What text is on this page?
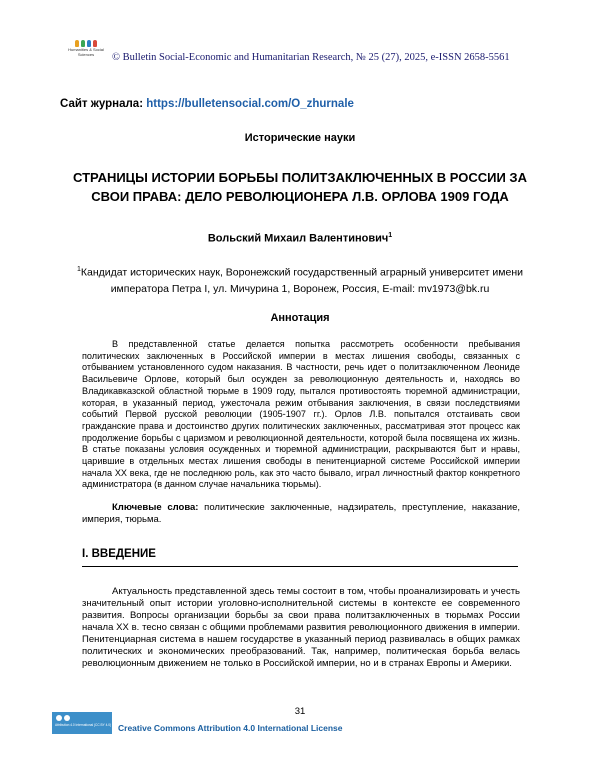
Humanities & Social Sciences	© Bulletin Social-Economic and Humanitarian Research, № 25 (27), 2025, e-ISSN 2658-5561
Сайт журнала: https://bulletensocial.com/O_zhurnale
Исторические науки
СТРАНИЦЫ ИСТОРИИ БОРЬБЫ ПОЛИТЗАКЛЮЧЕННЫХ В РОССИИ ЗА СВОИ ПРАВА: ДЕЛО РЕВОЛЮЦИОНЕРА Л.В. ОРЛОВА 1909 ГОДА
Вольский Михаил Валентинович$^1$
$^1$Кандидат исторических наук, Воронежский государственный аграрный университет имени императора Петра I, ул. Мичурина 1, Воронеж, Россия, E-mail: mv1973@bk.ru
Аннотация
В представленной статье делается попытка рассмотреть особенности пребывания политических заключенных в Российской империи в местах лишения свободы, связанных с отбыванием установленного судом наказания. В частности, речь идет о политзаключенном Леониде Васильевиче Орлове, который был осужден за революционную деятельность и, находясь во Владикавказской областной тюрьме в 1909 году, пытался противостоять тюремной администрации, которая, в указанный период, ужесточала режим отбывания заключения, в связи последствиями событий Первой русской революции (1905-1907 гг.). Орлов Л.В. попытался отстаивать свои гражданские права и достоинство других политических заключенных, рассматривая этот процесс как продолжение борьбы с царизмом и революционной деятельности, которой была посвящена их жизнь. В статье показаны условия осужденных и тюремной администрации, раскрываются быт и нравы, царившие в отдельных местах лишения свободы в пенитенциарной системе Российской империи начала XX века, где не последнюю роль, как это часто бывало, играл личностный фактор конкретного администратора (в данном случае начальника тюрьмы).
Ключевые слова: политические заключенные, надзиратель, преступление, наказание, империя, тюрьма.
I. ВВЕДЕНИЕ
Актуальность представленной здесь темы состоит в том, чтобы проанализировать и учесть значительный опыт истории уголовно-исполнительной системы в контексте ее современного развития. Вопросы организации борьбы за свои права политзаключенных в тюрьмах России начала XX в. тесно связан с общими проблемами развития революционного движения в империи. Пенитенциарная система в нашем государстве в указанный период развивалась в общих рамках политических и экономических преобразований. Так, например, политическая борьба велась революционным движением не только в Российской империи, но и в странах Европы и Америки.
31
Attribution 4.0 International (CC BY 4.0) Creative Commons Attribution 4.0 International License
